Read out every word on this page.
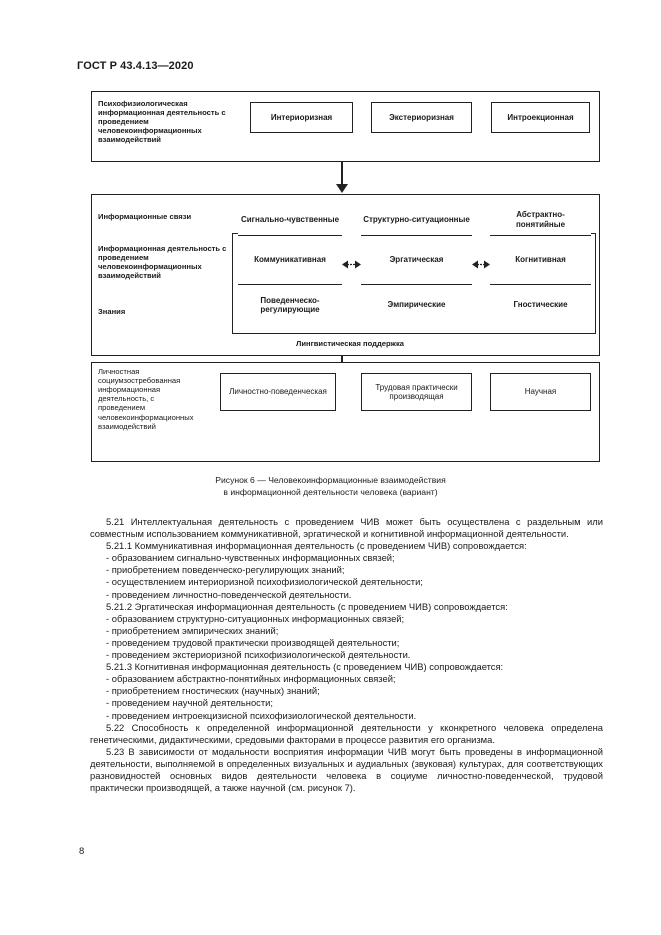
ГОСТ Р 43.4.13—2020
Психофизиологическая информационная деятельность с проведением человекоинформационных взаимодействий
Интериоризная	Экстериоризная	Интроекционная
Информационные связи
Информационная деятельность с проведением человекоинформационных взаимодействий
Знания
Сигнально-чувственные
Коммуникативная
Поведенческо-регулирующие
Структурно-ситуационные
Эргатическая
Эмпирические
Абстрактно-понятийные
Когнитивная
Гностические
Лингвистическая поддержка
Личностная социумзостребованная информационная деятельность, с проведением человекоинформационных взаимодействий
Личностно-поведенческая
Трудовая практически производящая
Научная
Рисунок 6 — Человекоинформационные взаимодействия
в информационной деятельности человека (вариант)

5.21 Интеллектуальная деятельность с проведением ЧИВ может быть осуществлена с раздельным или совместным использованием коммуникативной, эргатической и когнитивной информационной деятельности.

5.21.1 Коммуникативная информационная деятельность (с проведением ЧИВ) сопровождается:

- образованием сигнально-чувственных информационных связей;

- приобретением поведенческо-регулирующих знаний;

- осуществлением интериоризной психофизиологической деятельности;

- проведением личностно-поведенческой деятельности.

5.21.2 Эргатическая информационная деятельность (с проведением ЧИВ) сопровождается:

- образованием структурно-ситуационных информационных связей;

- приобретением эмпирических знаний;

- проведением трудовой практически производящей деятельности;

- проведением экстериоризной психофизиологической деятельности.

5.21.3 Когнитивная информационная деятельность (с проведением ЧИВ) сопровождается:

- образованием абстрактно-понятийных информационных связей;

- приобретением гностических (научных) знаний;

- проведением научной деятельности;

- проведением интроекцизисной психофизиологической деятельности.

5.22 Способность к определенной информационной деятельности у кконкретного человека определена генетическими, дидактическими, средовыми факторами в процессе развития его организма.

5.23 В зависимости от модальности восприятия информации ЧИВ могут быть проведены в информационной деятельности, выполняемой в определенных визуальных и аудиальных (звуковая) культурах, для соответствующих разновидностей основных видов деятельности человека в социуме личностно-поведенческой, трудовой практически производящей, а также научной (см. рисунок 7).

8
